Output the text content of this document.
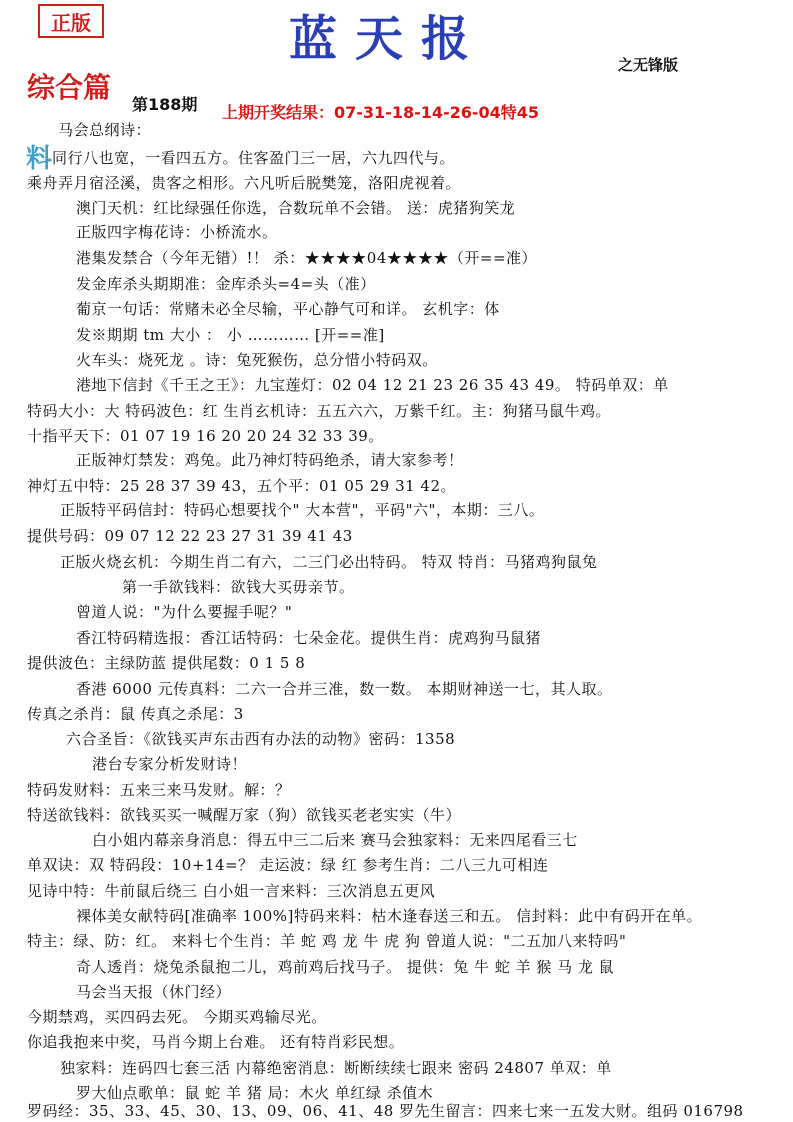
正版	蓝天报	之无锋版
综合篇
第188期 上期开奖结果：07-31-18-14-26-04特45
料
马会总纲诗：
同行八也宽，一看四五方。住客盈门三一居，六九四代与。
乘舟弄月宿泾溪，贵客之相形。六凡听后脱樊笼，洛阳虎视着。
澳门天机：红比绿强任你选，合数玩单不会错。 送：虎猪狗笑龙
正版四字梅花诗：小桥流水。
港集发禁合（今年无错）!！ 杀：★★★★04★★★★（开==准）
发金库杀头期期准：金库杀头=4=头（准）
葡京一句话：常赌未必全尽输，平心静气可和详。 玄机字：体
发※期期 tm 大小 ： 小 ………… [开==准]
火车头：烧死龙 。诗：兔死猴伤，总分惜小特码双。
港地下信封《千王之王》：九宝莲灯：02 04 12 21 23 26 35 43 49。 特码单双：单
特码大小：大 特码波色：红 生肖玄机诗：五五六六，万紫千红。主：狗猪马鼠牛鸡。
十指平天下：01 07 19 16 20 20 24 32 33 39。
正版神灯禁发：鸡兔。此乃神灯特码绝杀，请大家参考！
神灯五中特：25 28 37 39 43，五个平：01 05 29 31 42。
正版特平码信封：特码心想要找个" 大本营"，平码"六"，本期：三八。
提供号码：09 07 12 22 23 27 31 39 41 43
正版火烧玄机：今期生肖二有六，二三门必出特码。 特双 特肖：马猪鸡狗鼠兔
第一手欲钱料：欲钱大买毋亲节。
曾道人说："为什么要握手呢？"
香江特码精选报：香江话特码：七朵金花。提供生肖：虎鸡狗马鼠猪
提供波色：主绿防蓝 提供尾数：0 1 5 8
香港 6000 元传真料：二六一合并三准，数一数。 本期财神送一七，其人取。
传真之杀肖：鼠 传真之杀尾：3
六合圣旨：《欲钱买声东击西有办法的动物》密码：1358
港台专家分析发财诗！
特码发财料：五来三来马发财。解：？
特送欲钱料：欲钱买买一喊醒万家（狗）欲钱买老老实实（牛）
白小姐内幕亲身消息：得五中三二后来 赛马会独家料：无来四尾看三七
单双诀：双 特码段：10+14=？ 走运波：绿 红 参考生肖：二八三九可相连
见诗中特：牛前鼠后绕三 白小姐一言来料：三次消息五更风
裸体美女献特码[准确率 100%]特码来料：枯木逢春送三和五。 信封料：此中有码开在单。
特主：绿、防：红。 来料七个生肖：羊 蛇 鸡 龙 牛 虎 狗 曾道人说："二五加八来特吗"
奇人透肖：烧兔杀鼠抱二儿，鸡前鸡后找马子。 提供：兔 牛 蛇 羊 猴 马 龙 鼠
马会当天报（休门经）
今期禁鸡，买四码去死。 今期买鸡输尽光。
你追我抱来中奖，马肖今期上台难。 还有特肖彩民想。
独家料：连码四七套三活 内幕绝密消息：断断续续七跟来 密码 24807 单双：单
罗大仙点歌单：鼠 蛇 羊 猪 局：木火 单红绿 杀值木
罗码经：35、33、45、30、13、09、06、41、48 罗先生留言：四来七来一五发大财。组码 016798
